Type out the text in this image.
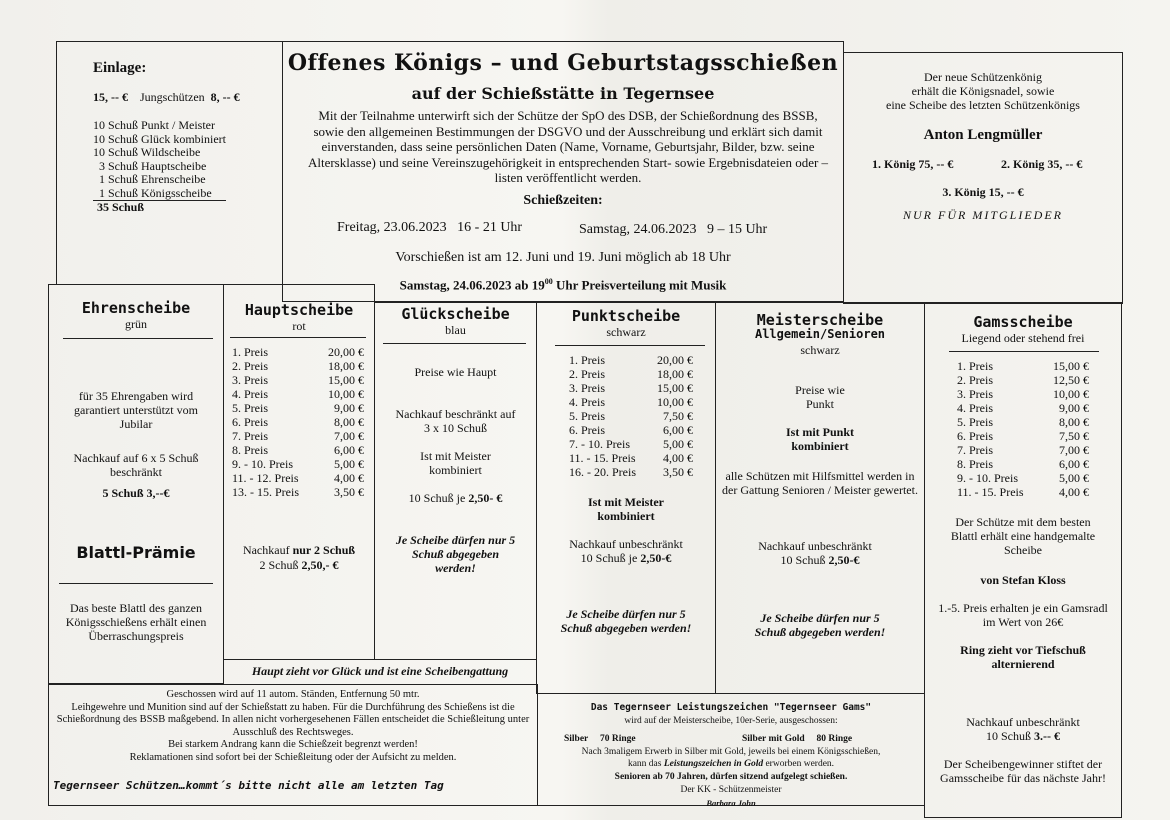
Einlage:
15, -- € Jungschützen 8, -- €
10 Schuß Punkt / Meister
10 Schuß Glück kombiniert
10 Schuß Wildscheibe
3 Schuß Hauptscheibe
1 Schuß Ehrenscheibe
1 Schuß Königsscheibe
35 Schuß
Offenes Königs – und Geburtstagsschießen
auf der Schießstätte in Tegernsee
Mit der Teilnahme unterwirft sich der Schütze der SpO des DSB, der Schießordnung des BSSB, sowie den allgemeinen Bestimmungen der DSGVO und der Ausschreibung und erklärt sich damit einverstanden, dass seine persönlichen Daten (Name, Vorname, Geburtsjahr, Bilder, bzw. seine Altersklasse) und seine Vereinszugehörigkeit in entsprechenden Start- sowie Ergebnisdateien oder –listen veröffentlicht werden.
Schießzeiten:
Freitag, 23.06.2023   16 - 21 Uhr	Samstag, 24.06.2023   9 – 15 Uhr
Vorschießen ist am 12. Juni und 19. Juni möglich ab 18 Uhr
Samstag, 24.06.2023 ab $19^{00}$ Uhr Preisverteilung mit Musik
Der neue Schützenkönig
erhält die Königsnadel, sowie
eine Scheibe des letzten Schützenkönigs
Anton Lengmüller
1. König 75, -- €	2. König 35, -- €
3. König 15, -- €
NUR FÜR MITGLIEDER
Ehrenscheibe
grün
für 35 Ehrengaben wird garantiert unterstützt vom Jubilar
Nachkauf auf 6 x 5 Schuß beschränkt
5 Schuß 3,--€
Blattl-Prämie
Das beste Blattl des ganzen Königsschießens erhält einen Überraschungspreis
Hauptscheibe
rot
1. Preis	20,00 €
2. Preis	18,00 €
3. Preis	15,00 €
4. Preis	10,00 €
5. Preis	9,00 €
6. Preis	8,00 €
7. Preis	7,00 €
8. Preis	6,00 €
9. - 10. Preis	5,00 €
11. - 12. Preis	4,00 €
13. - 15. Preis	3,50 €
Nachkauf nur 2 Schuß
2 Schuß 2,50,- €
Haupt zieht vor Glück und ist eine Scheibengattung
Glückscheibe
blau
Preise wie Haupt
Nachkauf beschränkt auf 3 x 10 Schuß
Ist mit Meister kombiniert
10 Schuß je 2,50- €
Je Scheibe dürfen nur 5 Schuß abgegeben werden!
Punktscheibe
schwarz
1. Preis	20,00 €
2. Preis	18,00 €
3. Preis	15,00 €
4. Preis	10,00 €
5. Preis	7,50 €
6. Preis	6,00 €
7. - 10. Preis	5,00 €
11. - 15. Preis	4,00 €
16. - 20. Preis	3,50 €
Ist mit Meister kombiniert
Nachkauf unbeschränkt
10 Schuß je 2,50-€
Je Scheibe dürfen nur 5 Schuß abgegeben werden!
Meisterscheibe
Allgemein/Senioren
schwarz
Preise wie Punkt
Ist mit Punkt kombiniert
alle Schützen mit Hilfsmittel werden in der Gattung Senioren / Meister gewertet.
Nachkauf unbeschränkt
10 Schuß 2,50-€
Je Scheibe dürfen nur 5 Schuß abgegeben werden!
Gamsscheibe
Liegend oder stehend frei
1. Preis	15,00 €
2. Preis	12,50 €
3. Preis	10,00 €
4. Preis	9,00 €
5. Preis	8,00 €
6. Preis	7,50 €
7. Preis	7,00 €
8. Preis	6,00 €
9. - 10. Preis	5,00 €
11. - 15. Preis	4,00 €
Der Schütze mit dem besten Blattl erhält eine handgemalte Scheibe
von Stefan Kloss
1.-5. Preis erhalten je ein Gamsradl im Wert von 26€
Ring zieht vor Tiefschuß alternierend
Nachkauf unbeschränkt
10 Schuß 3.-- €
Der Scheibengewinner stiftet der Gamsscheibe für das nächste Jahr!
Geschossen wird auf 11 autom. Ständen, Entfernung 50 mtr.
Leihgewehre und Munition sind auf der Schießstatt zu haben. Für die Durchführung des Schießens ist die Schießordnung des BSSB maßgebend. In allen nicht vorhergesehenen Fällen entscheidet die Schießleitung unter Ausschluß des Rechtsweges.
Bei starkem Andrang kann die Schießzeit begrenzt werden!
Reklamationen sind sofort bei der Schießleitung oder der Aufsicht zu melden.
Tegernseer Schützen…kommt´s bitte nicht alle am letzten Tag
Das Tegernseer Leistungszeichen "Tegernseer Gams"
wird auf der Meisterscheibe, 10er-Serie, ausgeschossen:
Silber     70 Ringe	Silber mit Gold     80 Ringe
Nach 3maligem Erwerb in Silber mit Gold, jeweils bei einem Königsschießen, kann das Leistungszeichen in Gold erworben werden.
Senioren ab 70 Jahren, dürfen sitzend aufgelegt schießen.
Der KK - Schützenmeister
Barbara John
